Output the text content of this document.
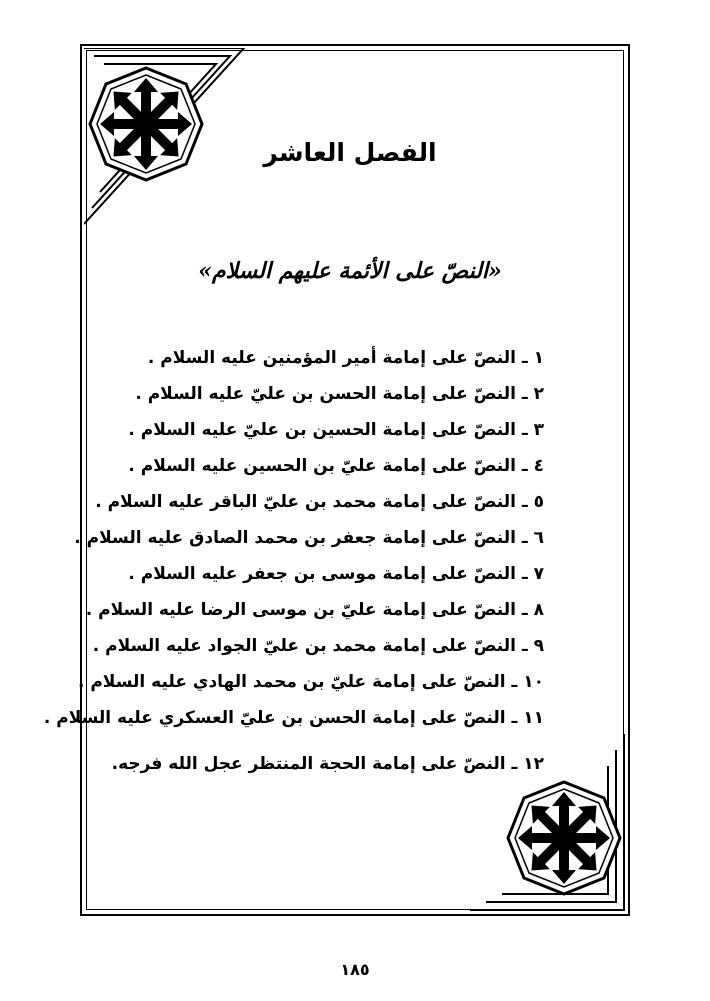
الفصل العاشر
«النصّ على الأئمة عليهم السلام»
١ ـ النصّ على إمامة أمير المؤمنين عليه السلام .
٢ ـ النصّ على إمامة الحسن بن عليّ عليه السلام .
٣ ـ النصّ على إمامة الحسين بن عليّ عليه السلام .
٤ ـ النصّ على إمامة عليّ بن الحسين عليه السلام .
٥ ـ النصّ على إمامة محمد بن عليّ الباقر عليه السلام .
٦ ـ النصّ على إمامة جعفر بن محمد الصادق عليه السلام .
٧ ـ النصّ على إمامة موسى بن جعفر عليه السلام .
٨ ـ النصّ على إمامة عليّ بن موسى الرضا عليه السلام .
٩ ـ النصّ على إمامة محمد بن عليّ الجواد عليه السلام .
١٠ ـ النصّ على إمامة عليّ بن محمد الهادي عليه السلام .
١١ ـ النصّ على إمامة الحسن بن عليّ العسكري عليه السلام .
١٢ ـ النصّ على إمامة الحجة المنتظر عجل الله فرجه.
١٨٥
